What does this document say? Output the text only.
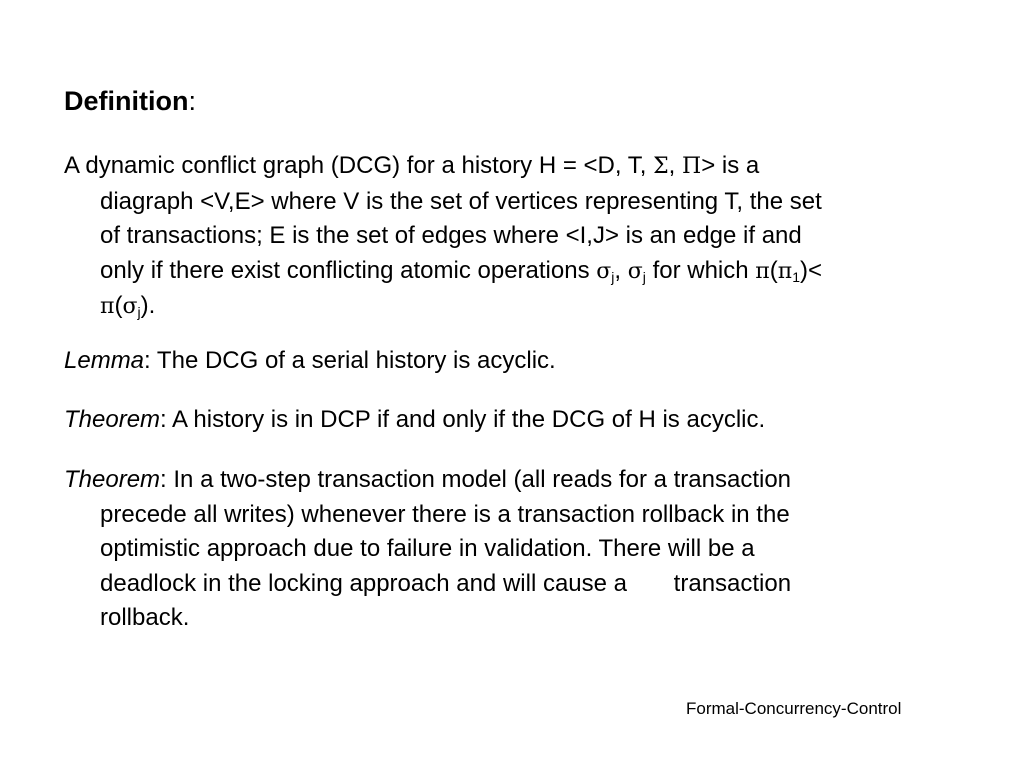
Definition:
A dynamic conflict graph (DCG) for a history H = <D, T, Σ, Π> is a
diagraph <V,E> where V is the set of vertices representing T, the set
of transactions; E is the set of edges where <I,J> is an edge if and
only if there exist conflicting atomic operations $\sigma_j$, $\sigma_j$ for which $\pi(\pi_1)<$
$\pi(\sigma_j)$.
Lemma: The DCG of a serial history is acyclic.
Theorem: A history is in DCP if and only if the DCG of H is acyclic.
Theorem: In a two-step transaction model (all reads for a transaction
precede all writes) whenever there is a transaction rollback in the
optimistic approach due to failure in validation. There will be a
deadlock in the locking approach and will cause a       transaction
rollback.
Formal-Concurrency-Control
